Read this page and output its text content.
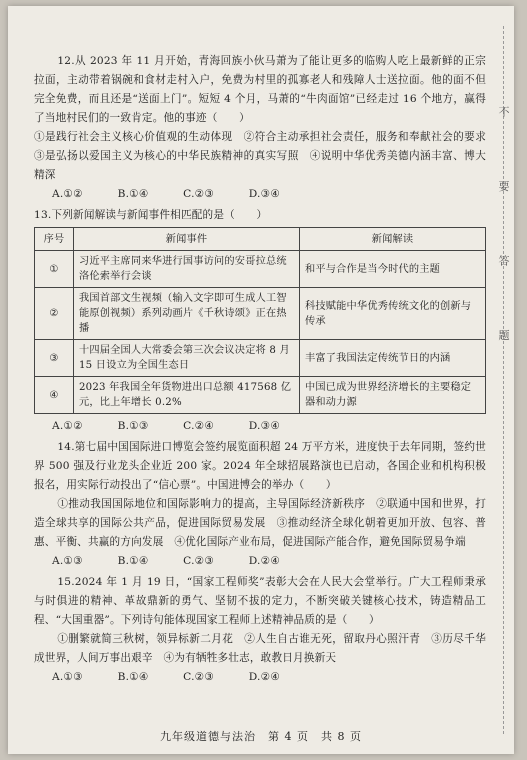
不 要 答 题

12.从 2023 年 11 月开始，青海回族小伙马萧为了能让更多的临购人吃上最新鲜的正宗拉面，主动带着锅碗和食材走村入户，免费为村里的孤寡老人和残障人士送拉面。他的面不但完全免费，而且还是“送面上门”。短短 4 个月，马萧的“牛肉面馆”已经走过 16 个地方，赢得了当地村民们的一致肯定。他的事迹（　　）

①是践行社会主义核心价值观的生动体现　②符合主动承担社会责任，服务和奉献社会的要求　③是弘扬以爱国主义为核心的中华民族精神的真实写照　④说明中华优秀美德内涵丰富、博大精深

A.①②	B.①④	C.②③	D.③④

13.下列新闻解读与新闻事件相匹配的是（　　）

序号	新闻事件	新闻解读
①	习近平主席同来华进行国事访问的安哥拉总统洛伦索举行会谈	和平与合作是当今时代的主题
②	我国首部文生视频（输入文字即可生成人工智能原创视频）系列动画片《千秋诗颂》正在热播	科技赋能中华优秀传统文化的创新与传承
③	十四届全国人大常委会第三次会议决定将 8 月 15 日设立为全国生态日	丰富了我国法定传统节日的内涵
④	2023 年我国全年货物进出口总额 417568 亿元，比上年增长 0.2%	中国已成为世界经济增长的主要稳定器和动力源
A.①②	B.①③	C.②④	D.③④

14.第七届中国国际进口博览会签约展览面积超 24 万平方米，进度快于去年同期，签约世界 500 强及行业龙头企业近 200 家。2024 年全球招展路演也已启动，各国企业和机构积极报名，用实际行动投出了“信心票”。中国进博会的举办（　　）

①推动我国国际地位和国际影响力的提高，主导国际经济新秩序　②联通中国和世界，打造全球共享的国际公共产品，促进国际贸易发展　③推动经济全球化朝着更加开放、包容、普惠、平衡、共赢的方向发展　④优化国际产业布局，促进国际产能合作，避免国际贸易争端

A.①③	B.①④	C.②③	D.②④

15.2024 年 1 月 19 日，“国家工程师奖”表彰大会在人民大会堂举行。广大工程师秉承与时俱进的精神、革故鼎新的勇气、坚韧不拔的定力，不断突破关键核心技术，铸造精品工程、“大国重器”。下列诗句能体现国家工程师上述精神品质的是（　　）

①删繁就简三秋树，领异标新二月花　②人生自古谁无死，留取丹心照汗青　③历尽千华成世界，人间万事出艰辛　④为有牺牲多壮志，敢教日月换新天

A.①③	B.①④	C.②③	D.②④
九年级道德与法治　第 4 页　共 8 页
